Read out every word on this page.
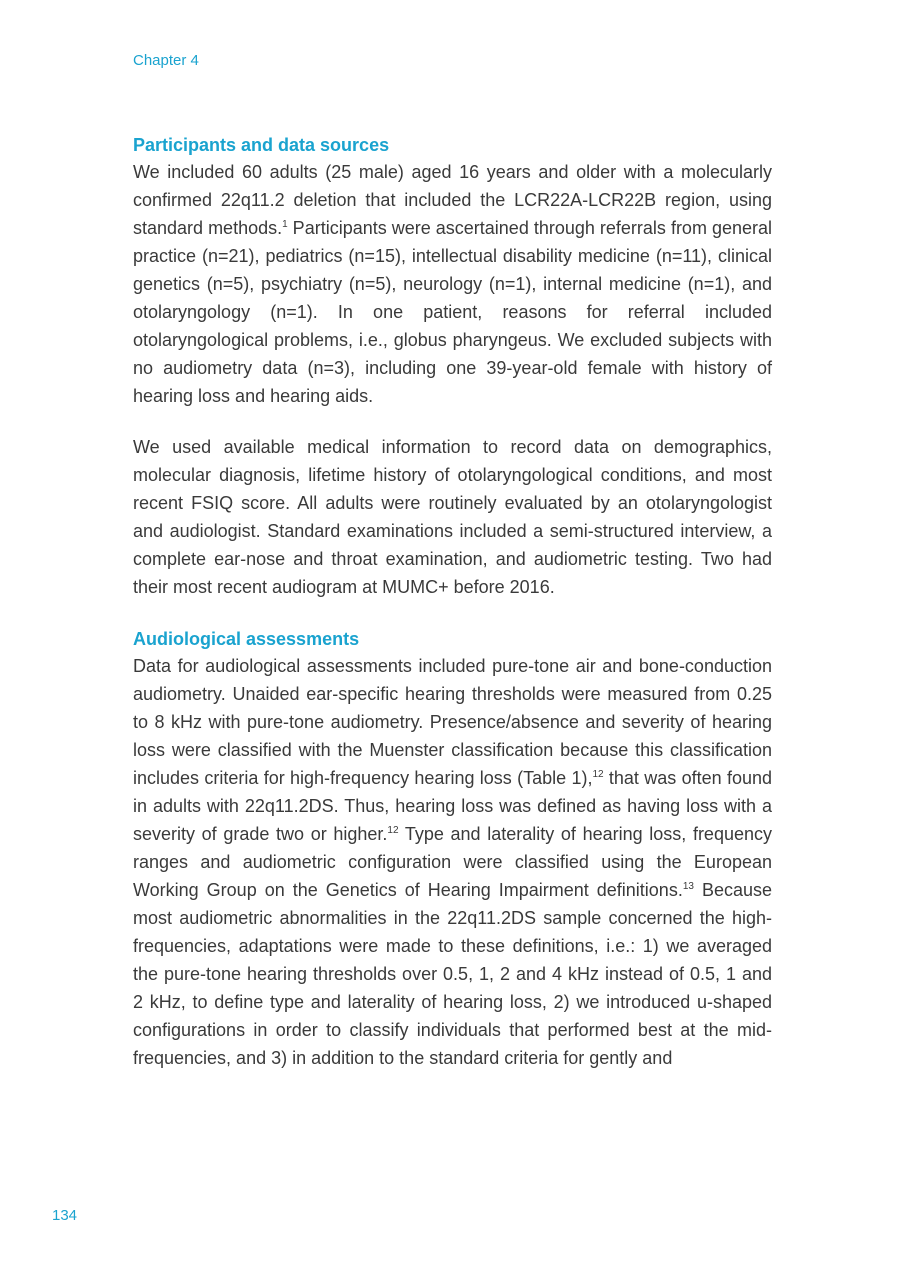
Chapter 4
Participants and data sources

We included 60 adults (25 male) aged 16 years and older with a molecularly confirmed 22q11.2 deletion that included the LCR22A-LCR22B region, using standard methods.$^1$ Participants were ascertained through referrals from general practice (n=21), pediatrics (n=15), intellectual disability medicine (n=11), clinical genetics (n=5), psychiatry (n=5), neurology (n=1), internal medicine (n=1), and otolaryngology (n=1). In one patient, reasons for referral included otolaryngological problems, i.e., globus pharyngeus. We excluded subjects with no audiometry data (n=3), including one 39-year-old female with history of hearing loss and hearing aids.

We used available medical information to record data on demographics, molecular diagnosis, lifetime history of otolaryngological conditions, and most recent FSIQ score. All adults were routinely evaluated by an otolaryngologist and audiologist. Standard examinations included a semi-structured interview, a complete ear-nose and throat examination, and audiometric testing. Two had their most recent audiogram at MUMC+ before 2016.

Audiological assessments

Data for audiological assessments included pure-tone air and bone-conduction audiometry. Unaided ear-specific hearing thresholds were measured from 0.25 to 8 kHz with pure-tone audiometry. Presence/absence and severity of hearing loss were classified with the Muenster classification because this classification includes criteria for high-frequency hearing loss (Table 1),$^{12}$ that was often found in adults with 22q11.2DS. Thus, hearing loss was defined as having loss with a severity of grade two or higher.$^{12}$ Type and laterality of hearing loss, frequency ranges and audiometric configuration were classified using the European Working Group on the Genetics of Hearing Impairment definitions.$^{13}$ Because most audiometric abnormalities in the 22q11.2DS sample concerned the high-frequencies, adaptations were made to these definitions, i.e.: 1) we averaged the pure-tone hearing thresholds over 0.5, 1, 2 and 4 kHz instead of 0.5, 1 and 2 kHz, to define type and laterality of hearing loss, 2) we introduced u-shaped configurations in order to classify individuals that performed best at the mid-frequencies, and 3) in addition to the standard criteria for gently and

134
